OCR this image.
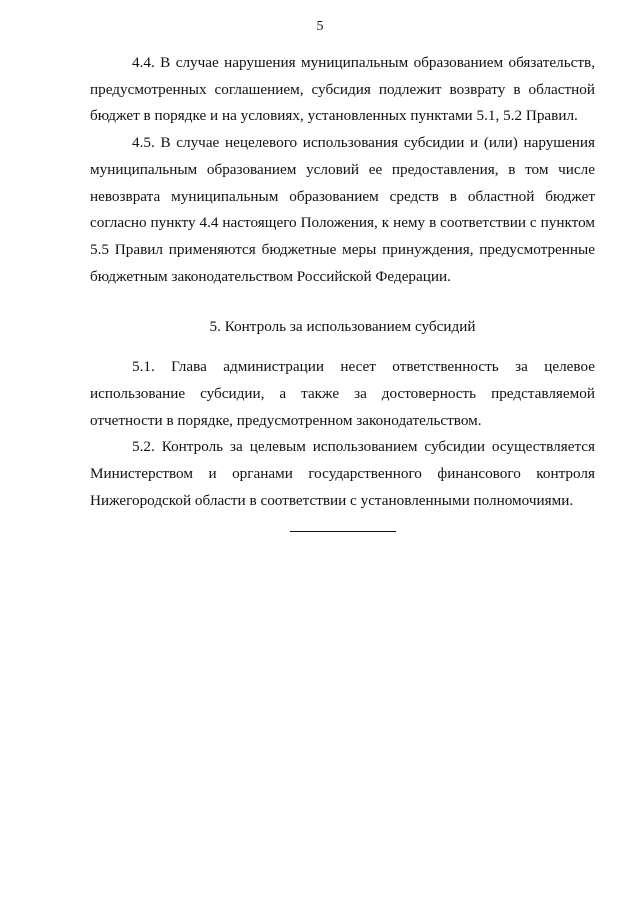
5

4.4. В случае нарушения муниципальным образованием обязательств, предусмотренных соглашением, субсидия подлежит возврату в областной бюджет в порядке и на условиях, установленных пунктами 5.1, 5.2 Правил.

4.5. В случае нецелевого использования субсидии и (или) нарушения муниципальным образованием условий ее предоставления, в том числе невозврата муниципальным образованием средств в областной бюджет согласно пункту 4.4 настоящего Положения, к нему в соответствии с пунктом 5.5 Правил применяются бюджетные меры принуждения, предусмотренные бюджетным законодательством Российской Федерации.

5. Контроль за использованием субсидий

5.1. Глава администрации несет ответственность за целевое использование субсидии, а также за достоверность представляемой отчетности в порядке, предусмотренном законодательством.

5.2. Контроль за целевым использованием субсидии осуществляется Министерством и органами государственного финансового контроля Нижегородской области в соответствии с установленными полномочиями.
